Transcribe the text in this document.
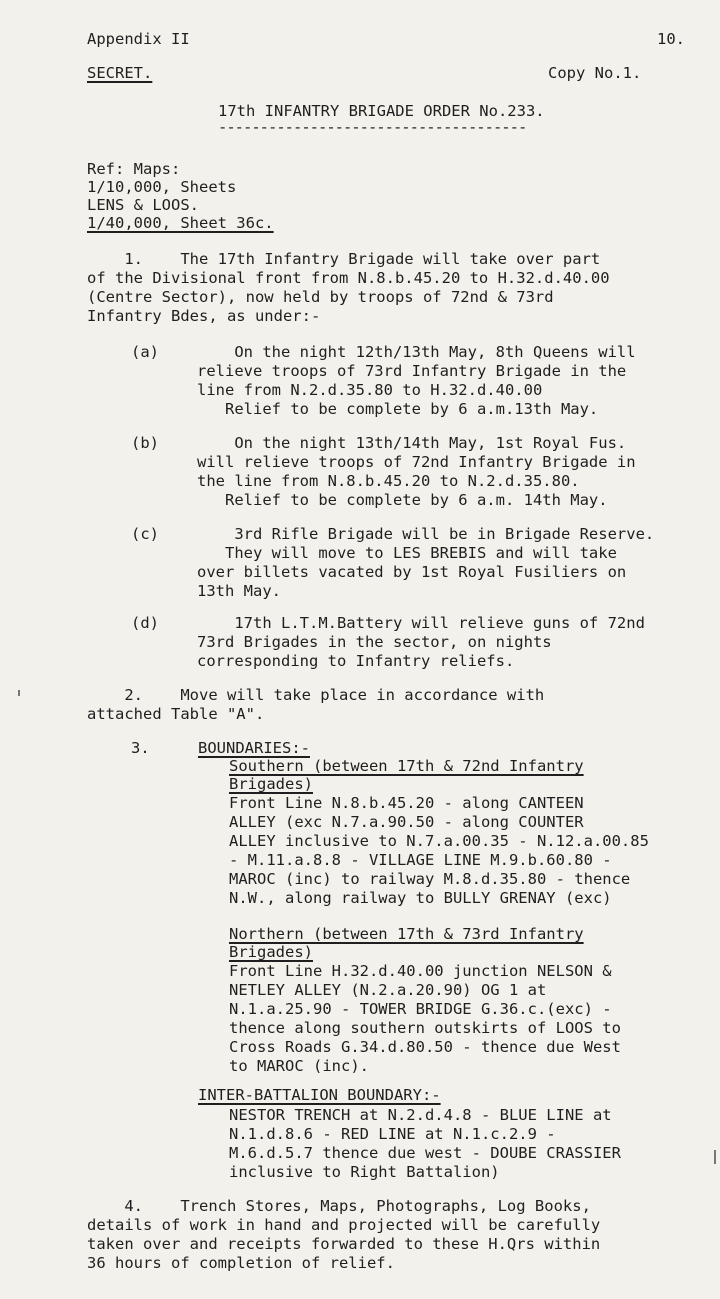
Appendix II	10.
SECRET.	Copy No.1.
17th INFANTRY BRIGADE ORDER No.233.
-------------------------------------
Ref: Maps:
1/10,000, Sheets
LENS & LOOS.
1/40,000, Sheet 36c.
1.    The 17th Infantry Brigade will take over part
of the Divisional front from N.8.b.45.20 to H.32.d.40.00
(Centre Sector), now held by troops of 72nd & 73rd
Infantry Bdes, as under:-
(a) On the night 12th/13th May, 8th Queens will
relieve troops of 73rd Infantry Brigade in the
line from N.2.d.35.80 to H.32.d.40.00
Relief to be complete by 6 a.m.13th May.
(b) On the night 13th/14th May, 1st Royal Fus.
will relieve troops of 72nd Infantry Brigade in
the line from N.8.b.45.20 to N.2.d.35.80.
Relief to be complete by 6 a.m. 14th May.
(c) 3rd Rifle Brigade will be in Brigade Reserve.
They will move to LES BREBIS and will take
over billets vacated by 1st Royal Fusiliers on
13th May.
(d) 17th L.T.M.Battery will relieve guns of 72nd
73rd Brigades in the sector, on nights
corresponding to Infantry reliefs.
2.    Move will take place in accordance with
attached Table "A".
3.	BOUNDARIES:-
Southern (between 17th & 72nd Infantry
Brigades)
Front Line N.8.b.45.20 - along CANTEEN
ALLEY (exc N.7.a.90.50 - along COUNTER
ALLEY inclusive to N.7.a.00.35 - N.12.a.00.85
- M.11.a.8.8 - VILLAGE LINE M.9.b.60.80 -
MAROC (inc) to railway M.8.d.35.80 - thence
N.W., along railway to BULLY GRENAY (exc)
Northern (between 17th & 73rd Infantry
Brigades)
Front Line H.32.d.40.00 junction NELSON &
NETLEY ALLEY (N.2.a.20.90) OG 1 at
N.1.a.25.90 - TOWER BRIDGE G.36.c.(exc) -
thence along southern outskirts of LOOS to
Cross Roads G.34.d.80.50 - thence due West
to MAROC (inc).
INTER-BATTALION BOUNDARY:-
NESTOR TRENCH at N.2.d.4.8 - BLUE LINE at
N.1.d.8.6 - RED LINE at N.1.c.2.9 -
M.6.d.5.7 thence due west - DOUBE CRASSIER
inclusive to Right Battalion)
4.    Trench Stores, Maps, Photographs, Log Books,
details of work in hand and projected will be carefully
taken over and receipts forwarded to these H.Qrs within
36 hours of completion of relief.
